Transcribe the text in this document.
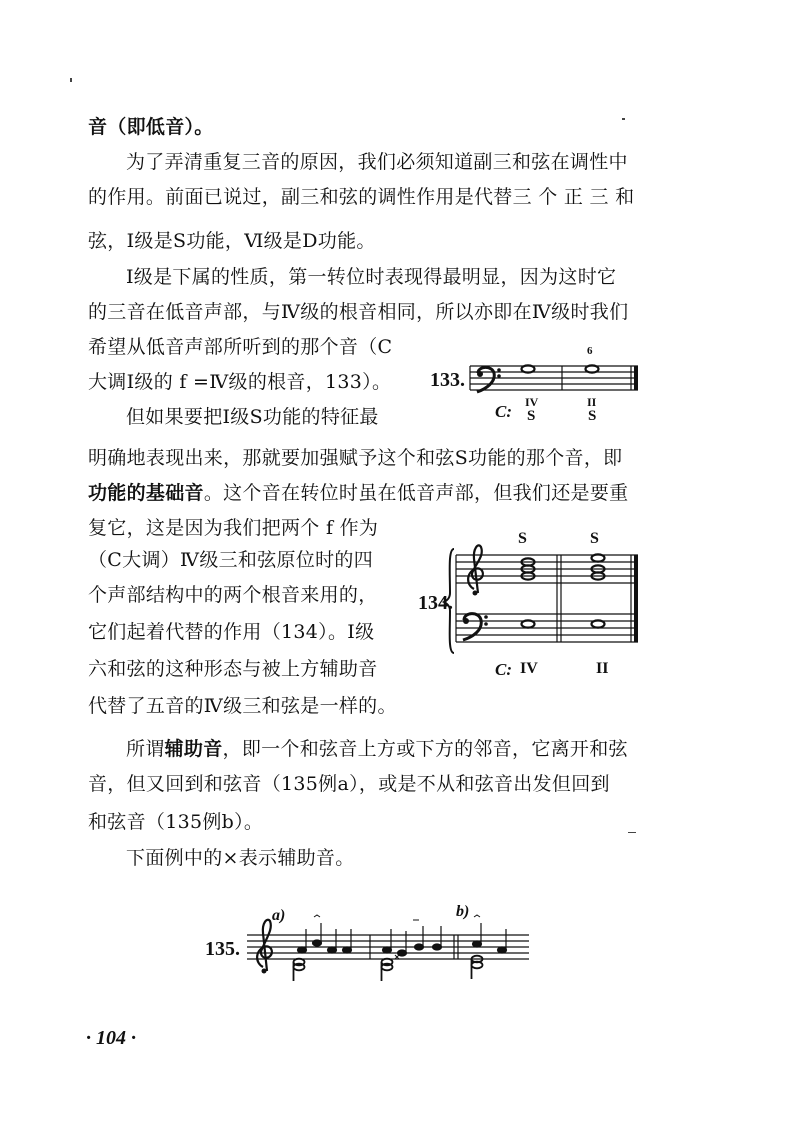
音（即低音）。
为了弄清重复三音的原因，我们必须知道副三和弦在调性中
的作用。前面已说过，副三和弦的调性作用是代替三 个 正 三 和
弦，Ⅰ级是S功能，Ⅵ级是D功能。
Ⅰ级是下属的性质，第一转位时表现得最明显，因为这时它
的三音在低音声部，与Ⅳ级的根音相同，所以亦即在Ⅳ级时我们
希望从低音声部所听到的那个音（C
大调Ⅰ级的 f =Ⅳ级的根音，133）。
但如果要把Ⅰ级S功能的特征最
明确地表现出来，那就要加强赋予这个和弦S功能的那个音，即
功能的基础音。这个音在转位时虽在低音声部，但我们还是要重
复它，这是因为我们把两个 f 作为
（C大调）Ⅳ级三和弦原位时的四
个声部结构中的两个根音来用的，
它们起着代替的作用（134）。Ⅰ级
六和弦的这种形态与被上方辅助音
代替了五音的Ⅳ级三和弦是一样的。
所谓辅助音，即一个和弦音上方或下方的邻音，它离开和弦
音，但又回到和弦音（135例a），或是不从和弦音出发但回到
和弦音（135例b）。
下面例中的×表示辅助音。
133.
6
C: IV
S
II
S
134.
S	S
C: IV	II
135.
a)	b)
· 104 ·
